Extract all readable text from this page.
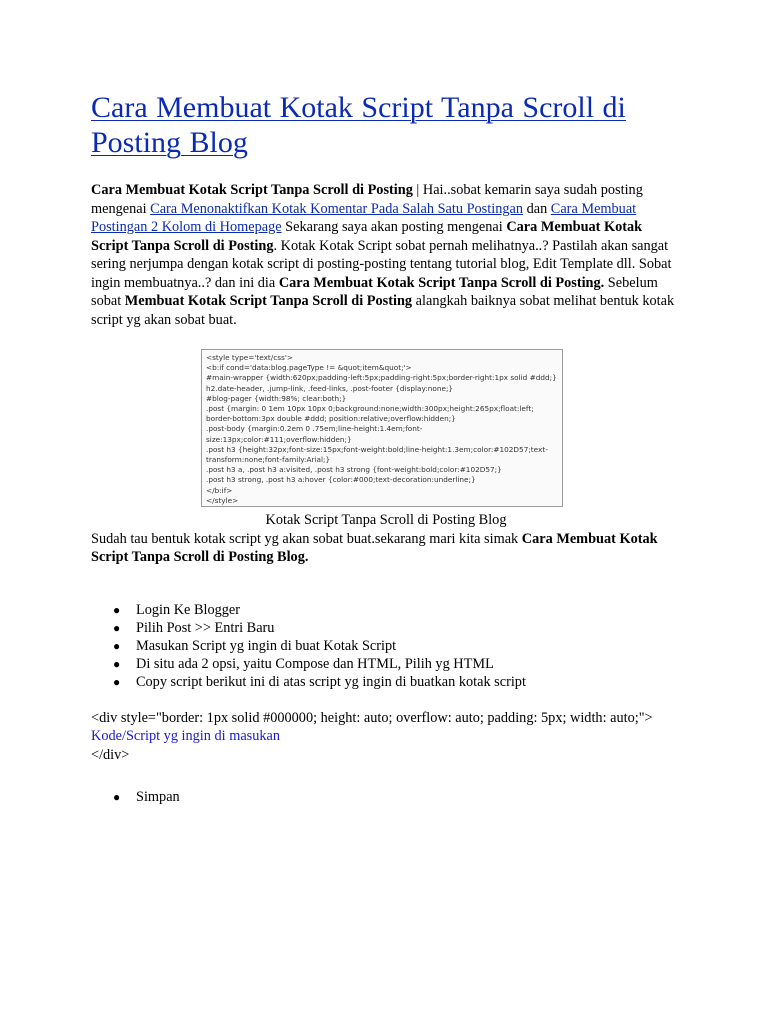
Cara Membuat Kotak Script Tanpa Scroll di Posting Blog

Cara Membuat Kotak Script Tanpa Scroll di Posting | Hai..sobat kemarin saya sudah posting mengenai Cara Menonaktifkan Kotak Komentar Pada Salah Satu Postingan dan Cara Membuat Postingan 2 Kolom di Homepage Sekarang saya akan posting mengenai Cara Membuat Kotak Script Tanpa Scroll di Posting. Kotak Kotak Script sobat pernah melihatnya..? Pastilah akan sangat sering nerjumpa dengan kotak script di posting-posting tentang tutorial blog, Edit Template dll. Sobat ingin membuatnya..? dan ini dia Cara Membuat Kotak Script Tanpa Scroll di Posting. Sebelum sobat Membuat Kotak Script Tanpa Scroll di Posting alangkah baiknya sobat melihat bentuk kotak script yg akan sobat buat.

<style type='text/css'>
<b:if cond='data:blog.pageType != &quot;item&quot;'>
#main-wrapper {width:620px;padding-left:5px;padding-right:5px;border-right:1px solid #ddd;}
h2.date-header, .jump-link, .feed-links, .post-footer {display:none;}
#blog-pager {width:98%; clear:both;}
.post {margin: 0 1em 10px 10px 0;background:none;width:300px;height:265px;float:left;
border-bottom:3px double #ddd; position:relative;overflow:hidden;}
.post-body {margin:0.2em 0 .75em;line-height:1.4em;font-
size:13px;color:#111;overflow:hidden;}
.post h3 {height:32px;font-size:15px;font-weight:bold;line-height:1.3em;color:#102D57;text-
transform:none;font-family:Arial;}
.post h3 a, .post h3 a:visited, .post h3 strong {font-weight:bold;color:#102D57;}
.post h3 strong, .post h3 a:hover {color:#000;text-decoration:underline;}
</b:if>
</style>

Kotak Script Tanpa Scroll di Posting Blog

Sudah tau bentuk kotak script yg akan sobat buat.sekarang mari kita simak Cara Membuat Kotak Script Tanpa Scroll di Posting Blog.

● Login Ke Blogger
● Pilih Post >> Entri Baru
● Masukan Script yg ingin di buat Kotak Script
● Di situ ada 2 opsi, yaitu Compose dan HTML, Pilih yg HTML
● Copy script berikut ini di atas script yg ingin di buatkan kotak script
<div style="border: 1px solid #000000; height: auto; overflow: auto; padding: 5px; width: auto;">
Kode/Script yg ingin di masukan
</div>
● Simpan
